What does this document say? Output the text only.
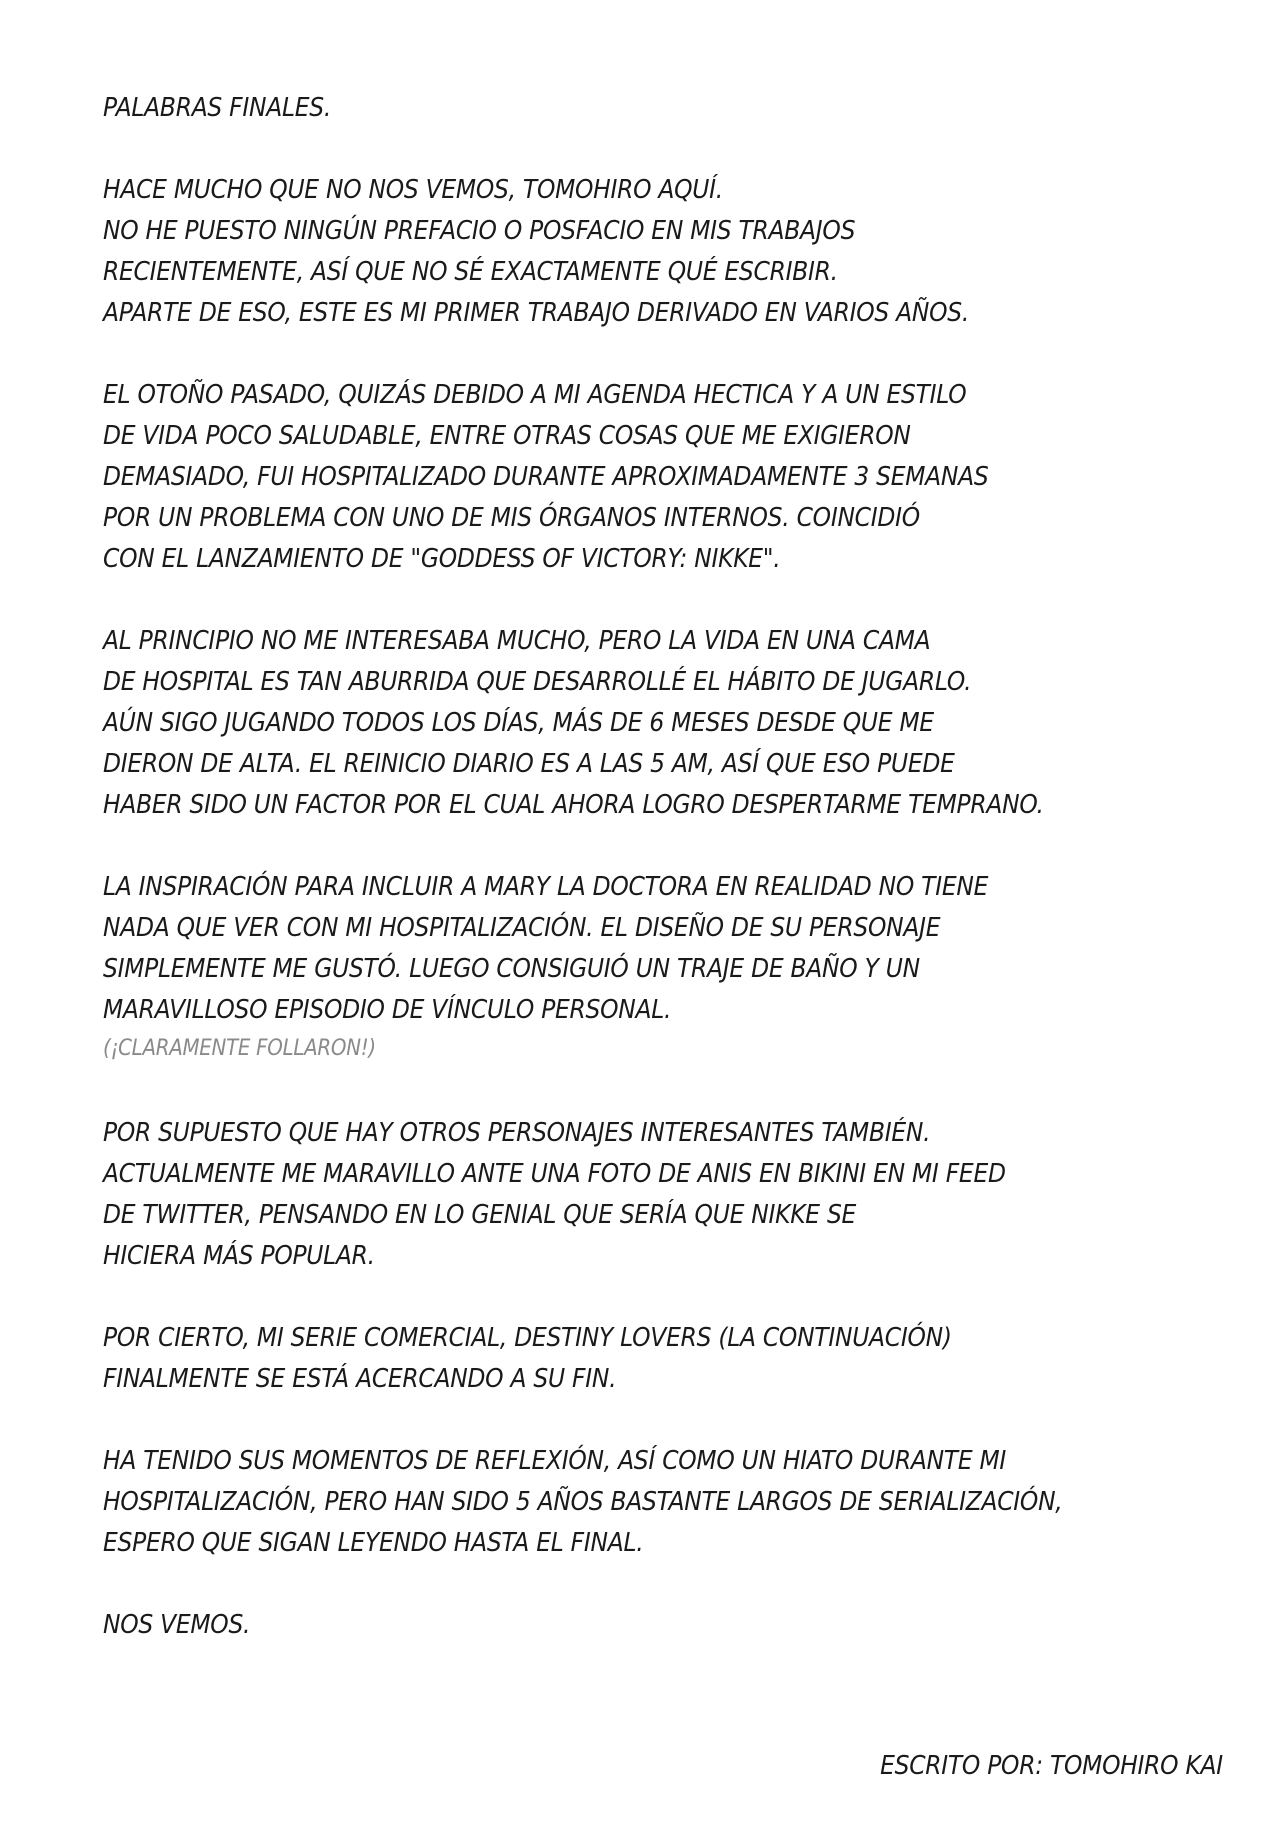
PALABRAS FINALES.
HACE MUCHO QUE NO NOS VEMOS, TOMOHIRO AQUÍ.
NO HE PUESTO NINGÚN PREFACIO O POSFACIO EN MIS TRABAJOS
RECIENTEMENTE, ASÍ QUE NO SÉ EXACTAMENTE QUÉ ESCRIBIR.
APARTE DE ESO, ESTE ES MI PRIMER TRABAJO DERIVADO EN VARIOS AÑOS.
EL OTOÑO PASADO, QUIZÁS DEBIDO A MI AGENDA HECTICA Y A UN ESTILO
DE VIDA POCO SALUDABLE, ENTRE OTRAS COSAS QUE ME EXIGIERON
DEMASIADO, FUI HOSPITALIZADO DURANTE APROXIMADAMENTE 3 SEMANAS
POR UN PROBLEMA CON UNO DE MIS ÓRGANOS INTERNOS. COINCIDIÓ
CON EL LANZAMIENTO DE "GODDESS OF VICTORY: NIKKE".
AL PRINCIPIO NO ME INTERESABA MUCHO, PERO LA VIDA EN UNA CAMA
DE HOSPITAL ES TAN ABURRIDA QUE DESARROLLÉ EL HÁBITO DE JUGARLO.
AÚN SIGO JUGANDO TODOS LOS DÍAS, MÁS DE 6 MESES DESDE QUE ME
DIERON DE ALTA. EL REINICIO DIARIO ES A LAS 5 AM, ASÍ QUE ESO PUEDE
HABER SIDO UN FACTOR POR EL CUAL AHORA LOGRO DESPERTARME TEMPRANO.
LA INSPIRACIÓN PARA INCLUIR A MARY LA DOCTORA EN REALIDAD NO TIENE
NADA QUE VER CON MI HOSPITALIZACIÓN. EL DISEÑO DE SU PERSONAJE
SIMPLEMENTE ME GUSTÓ. LUEGO CONSIGUIÓ UN TRAJE DE BAÑO Y UN
MARAVILLOSO EPISODIO DE VÍNCULO PERSONAL.
(¡CLARAMENTE FOLLARON!)
POR SUPUESTO QUE HAY OTROS PERSONAJES INTERESANTES TAMBIÉN.
ACTUALMENTE ME MARAVILLO ANTE UNA FOTO DE ANIS EN BIKINI EN MI FEED
DE TWITTER, PENSANDO EN LO GENIAL QUE SERÍA QUE NIKKE SE
HICIERA MÁS POPULAR.
POR CIERTO, MI SERIE COMERCIAL, DESTINY LOVERS (LA CONTINUACIÓN)
FINALMENTE SE ESTÁ ACERCANDO A SU FIN.
HA TENIDO SUS MOMENTOS DE REFLEXIÓN, ASÍ COMO UN HIATO DURANTE MI
HOSPITALIZACIÓN, PERO HAN SIDO 5 AÑOS BASTANTE LARGOS DE SERIALIZACIÓN,
ESPERO QUE SIGAN LEYENDO HASTA EL FINAL.
NOS VEMOS.
ESCRITO POR: TOMOHIRO KAI
